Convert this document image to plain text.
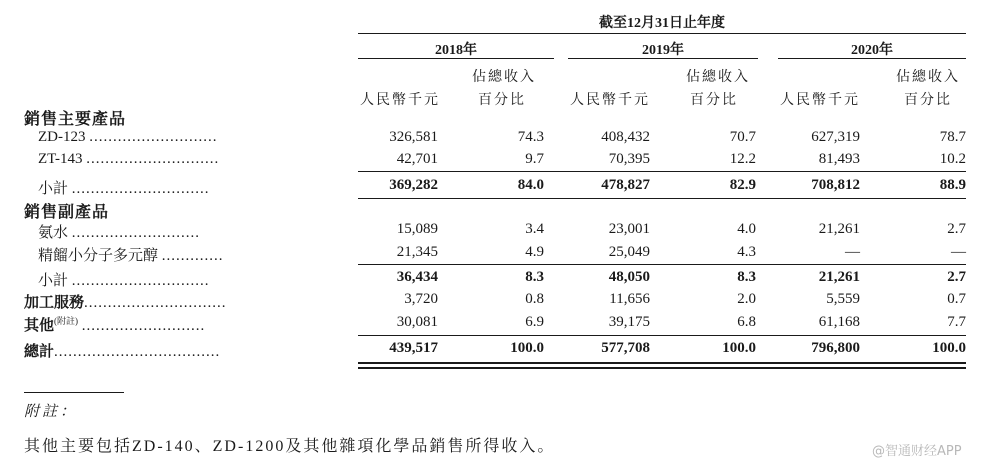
截至12月31日止年度
2018年	2019年	2020年
佔總收入
人民幣千元	百分比
佔總收入
人民幣千元	百分比
佔總收入
人民幣千元	百分比
銷售主要產品
ZD-123 ...........................	326,581	74.3	408,432	70.7	627,319	78.7
ZT-143 ............................	42,701	9.7	70,395	12.2	81,493	10.2
小計 .............................	369,282	84.0	478,827	82.9	708,812	88.9
銷售副產品
氨水 ...........................	15,089	3.4	23,001	4.0	21,261	2.7
精餾小分子多元醇 .............	21,345	4.9	25,049	4.3	—	—
小計 .............................	36,434	8.3	48,050	8.3	21,261	2.7
加工服務..............................	3,720	0.8	11,656	2.0	5,559	0.7
其他$^{(附註)}$ ..........................	30,081	6.9	39,175	6.8	61,168	7.7
總計...................................	439,517	100.0	577,708	100.0	796,800	100.0
附註：
其他主要包括ZD-140、ZD-1200及其他雜項化學品銷售所得收入。	@智通财经APP
